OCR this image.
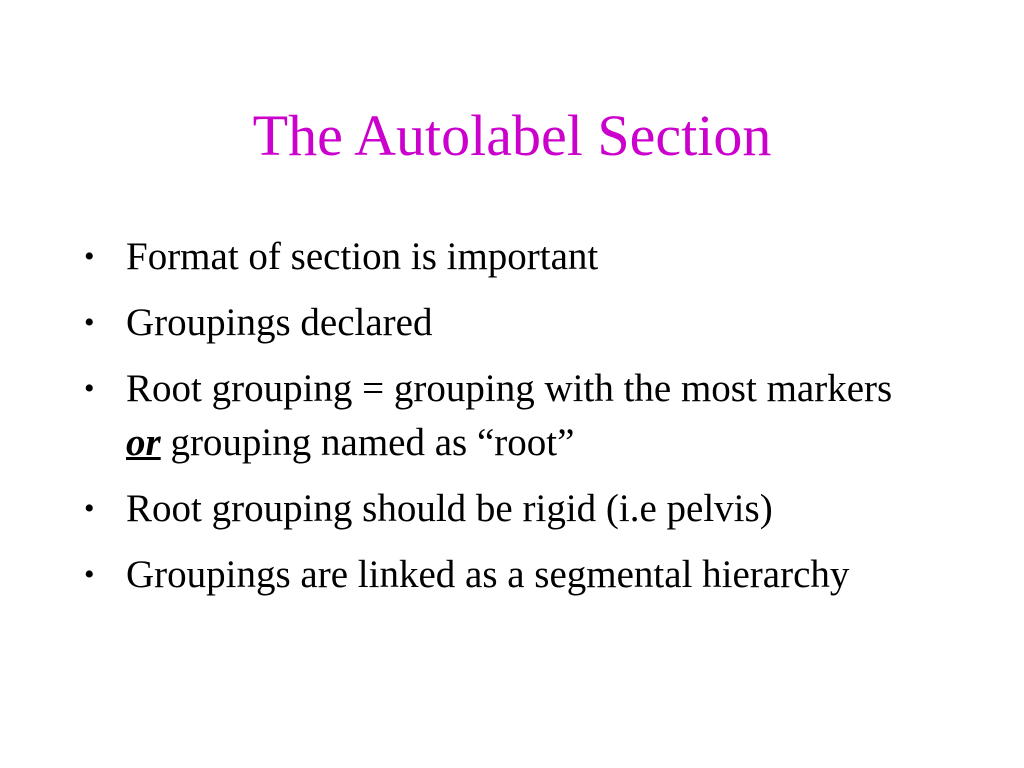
The Autolabel Section
• Format of section is important
• Groupings declared
• Root grouping = grouping with the most markers or grouping named as “root”
• Root grouping should be rigid (i.e pelvis)
• Groupings are linked as a segmental hierarchy
